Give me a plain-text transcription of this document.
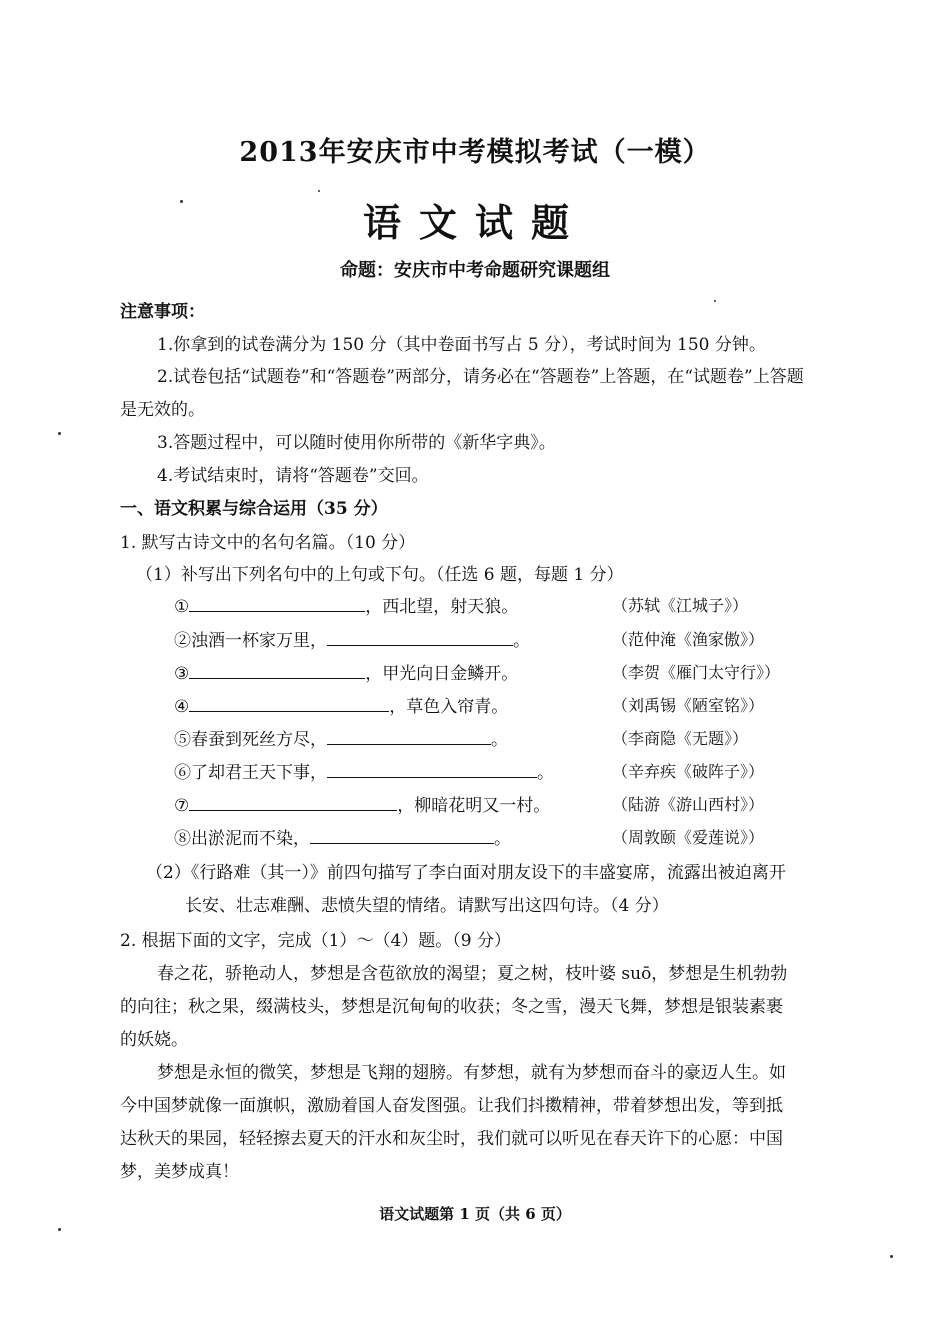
2013年安庆市中考模拟考试（一模）
语文试题
命题：安庆市中考命题研究课题组
注意事项：
1.你拿到的试卷满分为 150 分（其中卷面书写占 5 分），考试时间为 150 分钟。
2.试卷包括“试题卷”和“答题卷”两部分，请务必在“答题卷”上答题，在“试题卷”上答题
是无效的。
3.答题过程中，可以随时使用你所带的《新华字典》。
4.考试结束时，请将“答题卷”交回。
一、语文积累与综合运用（35 分）
1. 默写古诗文中的名句名篇。（10 分）
（1）补写出下列名句中的上句或下句。（任选 6 题，每题 1 分）
①	，西北望，射天狼。	（苏轼《江城子》）
②浊酒一杯家万里，	。	（范仲淹《渔家傲》）
③	，甲光向日金鳞开。	（李贺《雁门太守行》）
④	，草色入帘青。	（刘禹锡《陋室铭》）
⑤春蚕到死丝方尽，	。	（李商隐《无题》）
⑥了却君王天下事，	。	（辛弃疾《破阵子》）
⑦	，柳暗花明又一村。	（陆游《游山西村》）
⑧出淤泥而不染，	。	（周敦颐《爱莲说》）
（2）《行路难（其一）》前四句描写了李白面对朋友设下的丰盛宴席，流露出被迫离开
长安、壮志难酬、悲愤失望的情绪。请默写出这四句诗。（4 分）
2. 根据下面的文字，完成（1）～（4）题。（9 分）
春之花，骄艳动人，梦想是含苞欲放的渴望；夏之树，枝叶婆 suō，梦想是生机勃勃
的向往；秋之果，缀满枝头，梦想是沉甸甸的收获；冬之雪，漫天飞舞，梦想是银装素裹
的妖娆。
梦想是永恒的微笑，梦想是飞翔的翅膀。有梦想，就有为梦想而奋斗的豪迈人生。如
今中国梦就像一面旗帜，激励着国人奋发图强。让我们抖擞精神，带着梦想出发，等到抵
达秋天的果园，轻轻擦去夏天的汗水和灰尘时，我们就可以听见在春天许下的心愿：中国
梦，美梦成真！
语文试题第 1 页（共 6 页）
